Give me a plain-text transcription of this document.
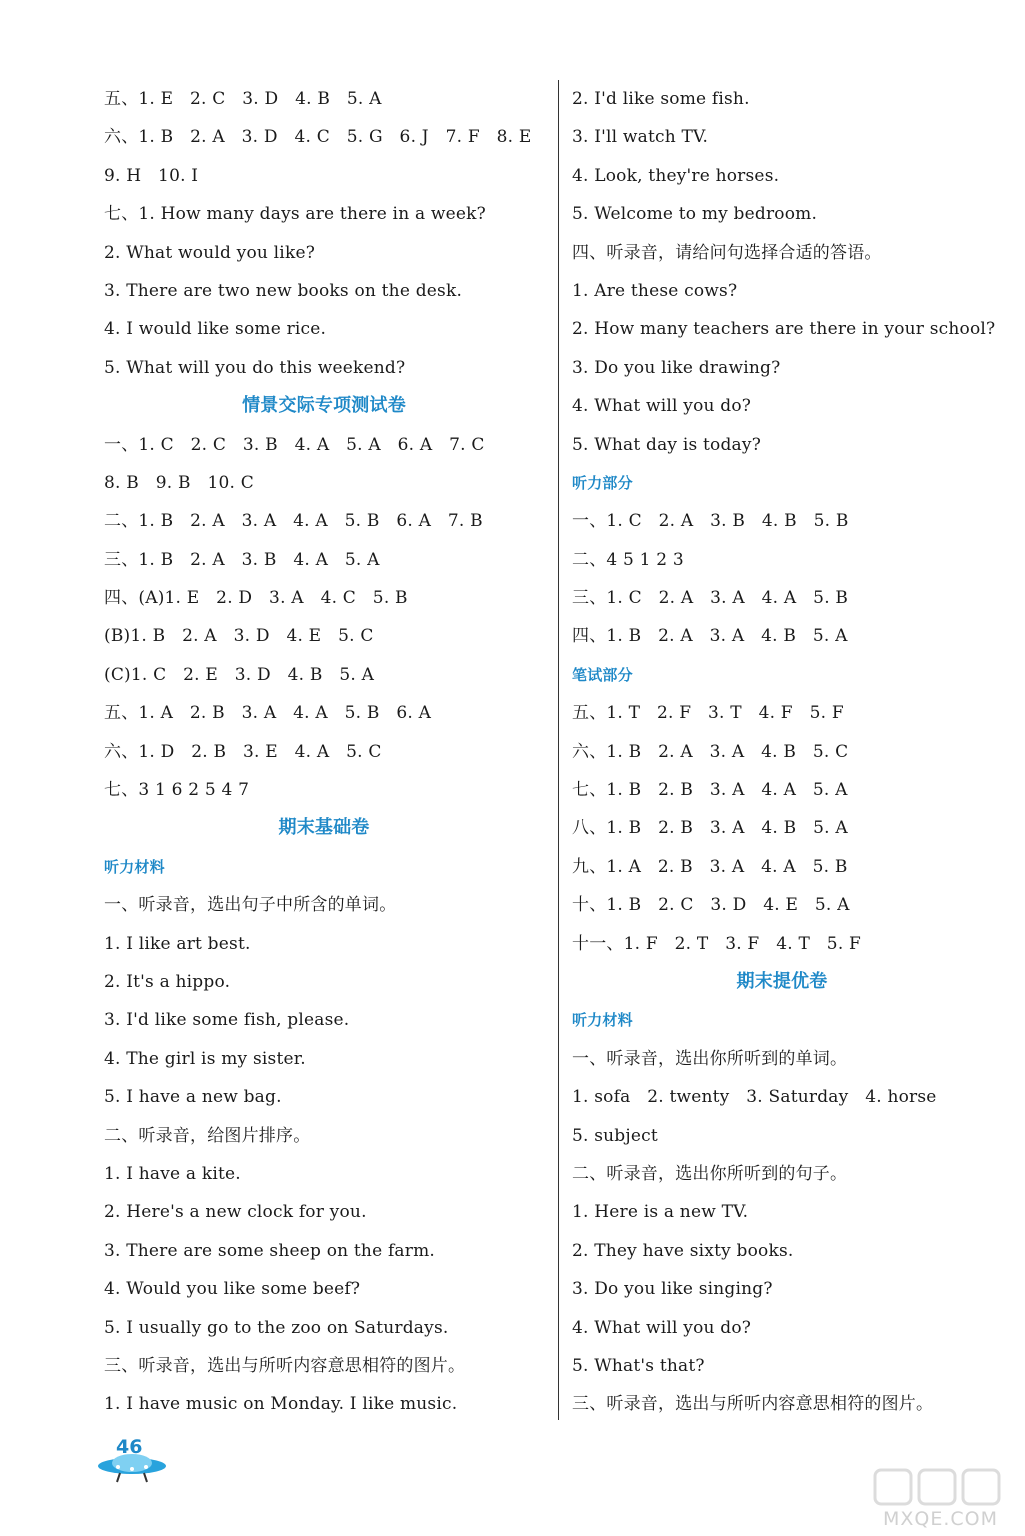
五、1. E   2. C   3. D   4. B   5. A
六、1. B   2. A   3. D   4. C   5. G   6. J   7. F   8. E
9. H   10. I
七、1. How many days are there in a week?
2. What would you like?
3. There are two new books on the desk.
4. I would like some rice.
5. What will you do this weekend?
情景交际专项测试卷
一、1. C   2. C   3. B   4. A   5. A   6. A   7. C
8. B   9. B   10. C
二、1. B   2. A   3. A   4. A   5. B   6. A   7. B
三、1. B   2. A   3. B   4. A   5. A
四、(A)1. E   2. D   3. A   4. C   5. B
(B)1. B   2. A   3. D   4. E   5. C
(C)1. C   2. E   3. D   4. B   5. A
五、1. A   2. B   3. A   4. A   5. B   6. A
六、1. D   2. B   3. E   4. A   5. C
七、3 1 6 2 5 4 7
期末基础卷
听力材料
一、听录音，选出句子中所含的单词。
1. I like art best.
2. It's a hippo.
3. I'd like some fish, please.
4. The girl is my sister.
5. I have a new bag.
二、听录音，给图片排序。
1. I have a kite.
2. Here's a new clock for you.
3. There are some sheep on the farm.
4. Would you like some beef?
5. I usually go to the zoo on Saturdays.
三、听录音，选出与所听内容意思相符的图片。
1. I have music on Monday. I like music.
2. I'd like some fish.
3. I'll watch TV.
4. Look, they're horses.
5. Welcome to my bedroom.
四、听录音，请给问句选择合适的答语。
1. Are these cows?
2. How many teachers are there in your school?
3. Do you like drawing?
4. What will you do?
5. What day is today?
听力部分
一、1. C   2. A   3. B   4. B   5. B
二、4 5 1 2 3
三、1. C   2. A   3. A   4. A   5. B
四、1. B   2. A   3. A   4. B   5. A
笔试部分
五、1. T   2. F   3. T   4. F   5. F
六、1. B   2. A   3. A   4. B   5. C
七、1. B   2. B   3. A   4. A   5. A
八、1. B   2. B   3. A   4. B   5. A
九、1. A   2. B   3. A   4. A   5. B
十、1. B   2. C   3. D   4. E   5. A
十一、1. F   2. T   3. F   4. T   5. F
期末提优卷
听力材料
一、听录音，选出你所听到的单词。
1. sofa   2. twenty   3. Saturday   4. horse
5. subject
二、听录音，选出你所听到的句子。
1. Here is a new TV.
2. They have sixty books.
3. Do you like singing?
4. What will you do?
5. What's that?
三、听录音，选出与所听内容意思相符的图片。
46
MXQE.COM
